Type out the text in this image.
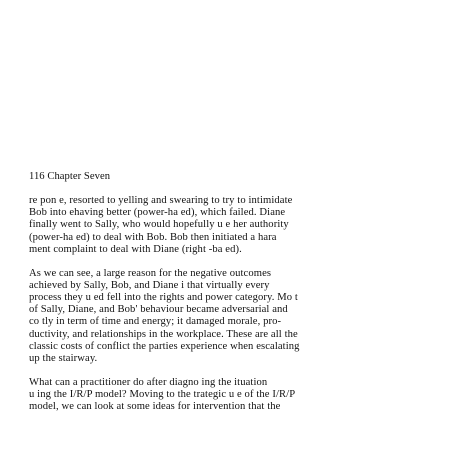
116 Chapter Seven

re pon e, resorted to yelling and swearing to try to intimidate
Bob into ehaving better (power-ha ed), which failed. Diane
finally went to Sally, who would hopefully u e her authority
(power-ha ed) to deal with Bob. Bob then initiated a hara
ment complaint to deal with Diane (right -ba ed).

As we can see, a large reason for the negative outcomes
achieved by Sally, Bob, and Diane i that virtually every
process they u ed fell into the rights and power category. Mo t
of Sally, Diane, and Bob' behaviour became adversarial and
co tly in term of time and energy; it damaged morale, pro-
ductivity, and relationships in the workplace. These are all the
classic costs of conflict the parties experience when escalating
up the stairway.

What can a practitioner do after diagno ing the ituation
u ing the I/R/P model? Moving to the trategic u e of the I/R/P
model, we can look at some ideas for intervention that the
